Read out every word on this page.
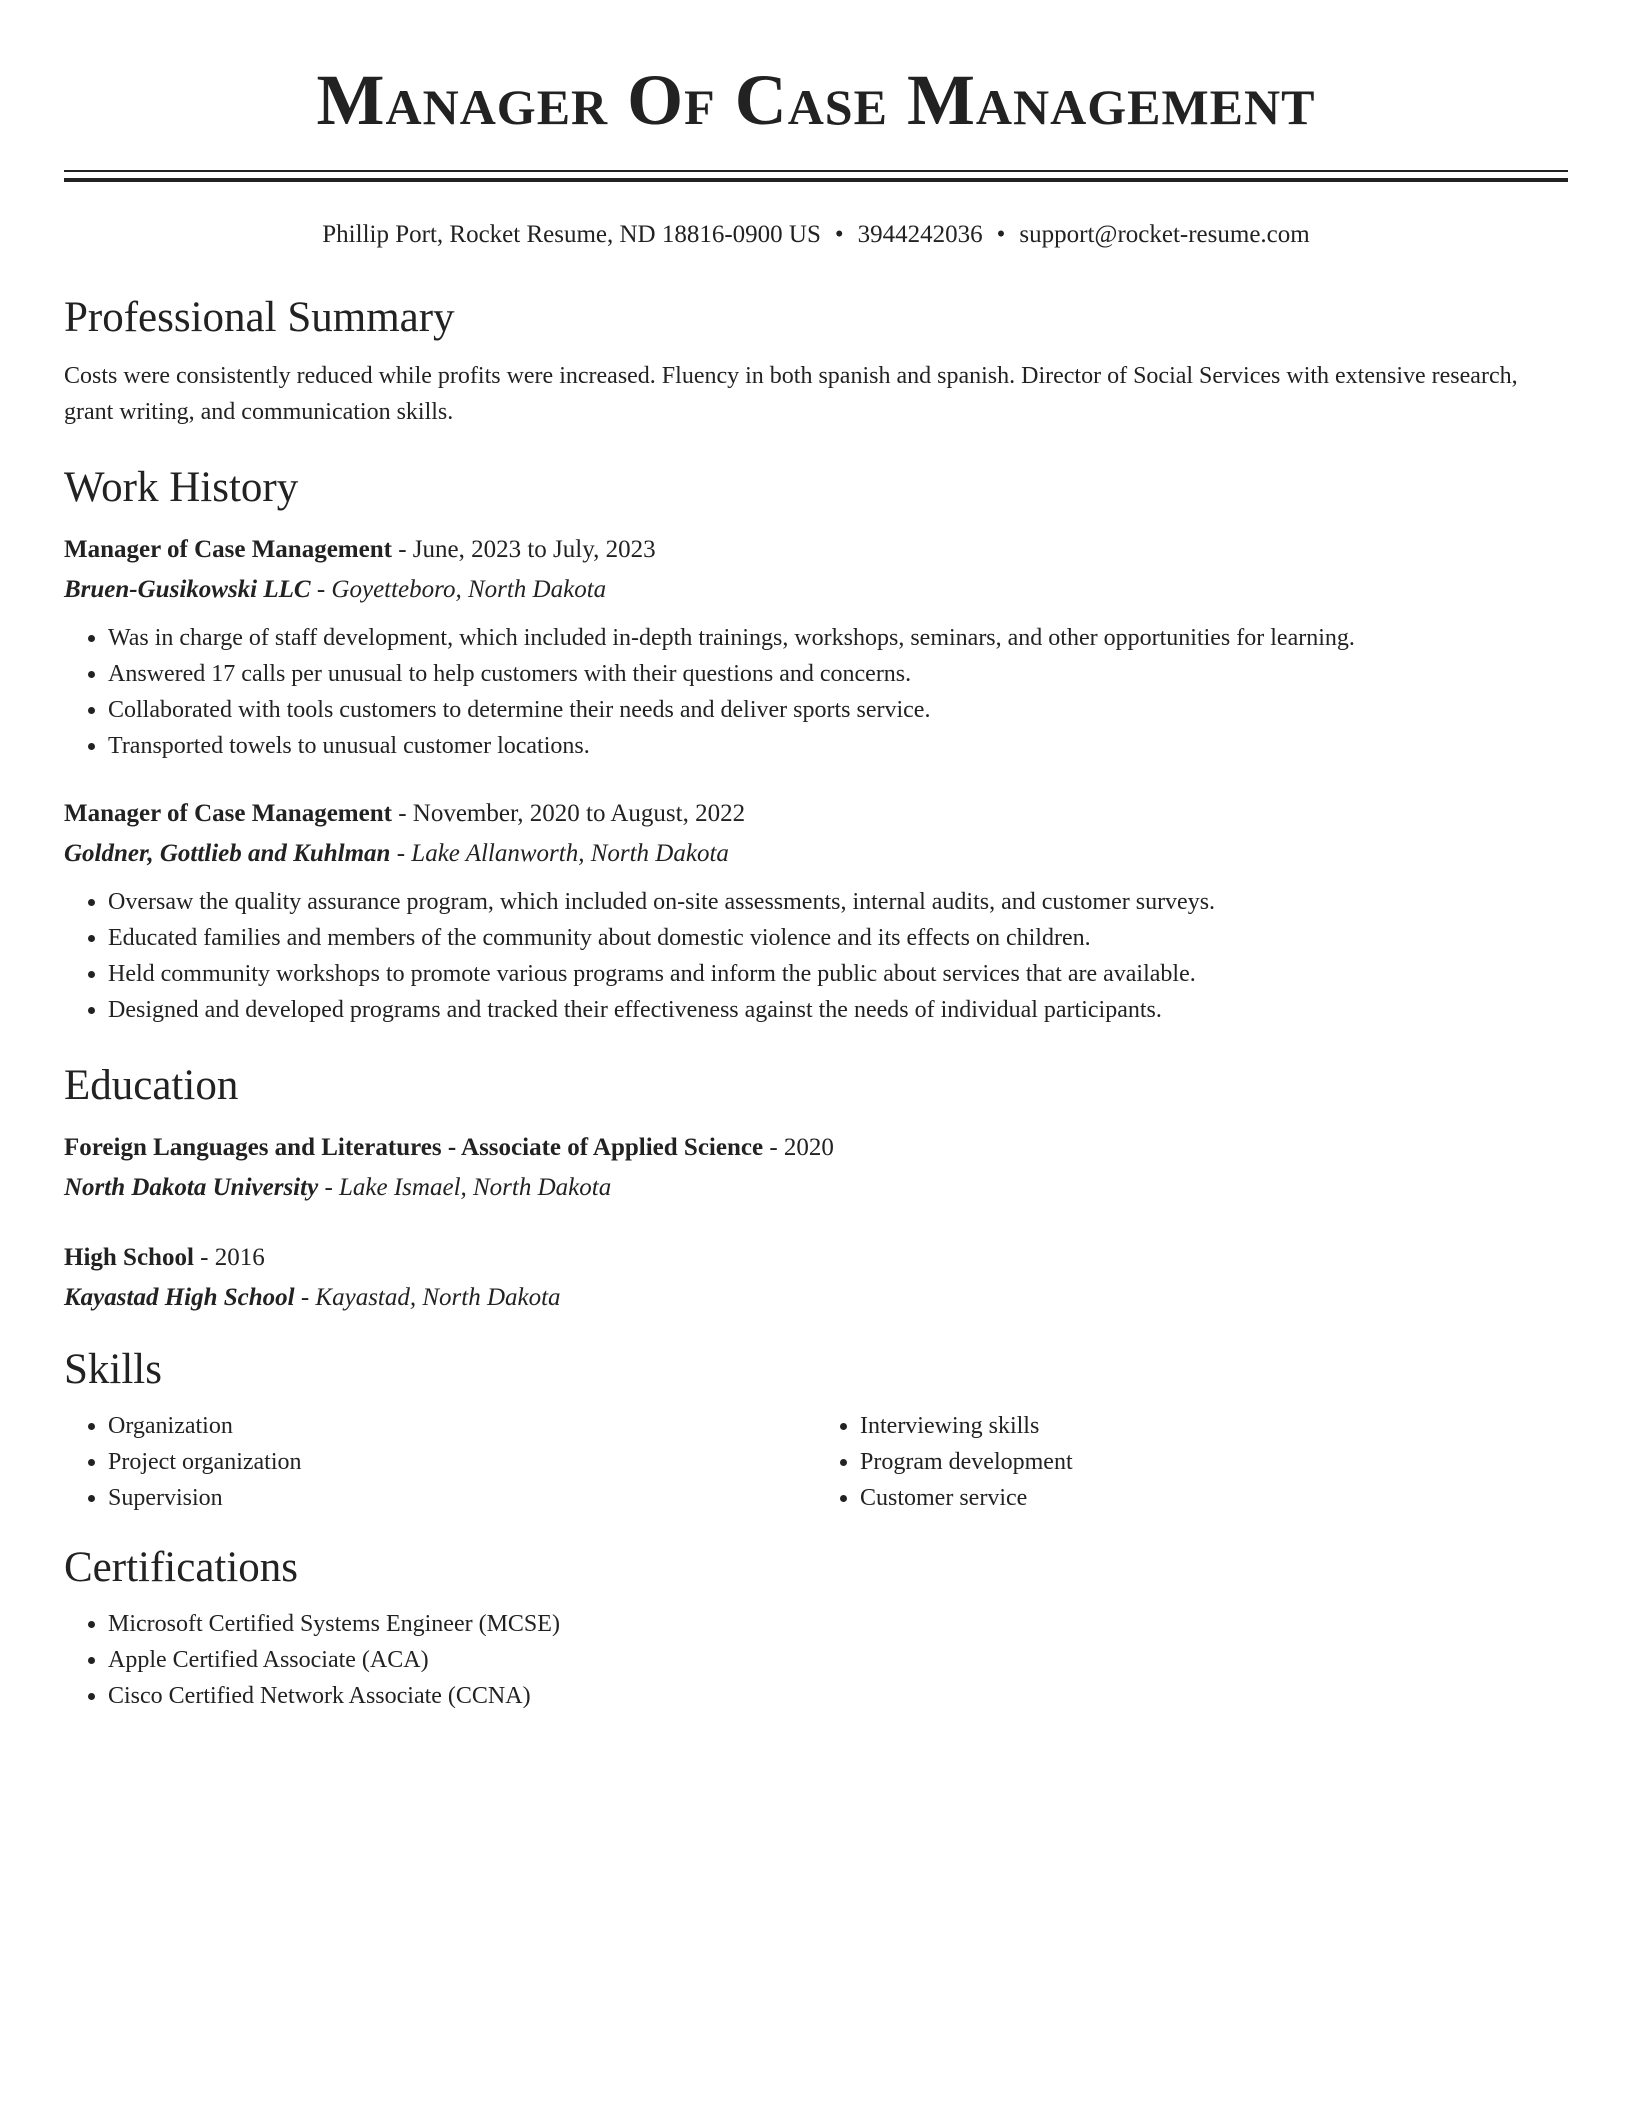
Manager Of Case Management
Phillip Port, Rocket Resume, ND 18816-0900 US • 3944242036 • support@rocket-resume.com
Professional Summary

Costs were consistently reduced while profits were increased. Fluency in both spanish and spanish. Director of Social Services with extensive research, grant writing, and communication skills.

Work History
Manager of Case Management - June, 2023 to July, 2023
Bruen-Gusikowski LLC - Goyetteboro, North Dakota
• Was in charge of staff development, which included in-depth trainings, workshops, seminars, and other opportunities for learning.
• Answered 17 calls per unusual to help customers with their questions and concerns.
• Collaborated with tools customers to determine their needs and deliver sports service.
• Transported towels to unusual customer locations.
Manager of Case Management - November, 2020 to August, 2022
Goldner, Gottlieb and Kuhlman - Lake Allanworth, North Dakota
• Oversaw the quality assurance program, which included on-site assessments, internal audits, and customer surveys.
• Educated families and members of the community about domestic violence and its effects on children.
• Held community workshops to promote various programs and inform the public about services that are available.
• Designed and developed programs and tracked their effectiveness against the needs of individual participants.
Education
Foreign Languages and Literatures - Associate of Applied Science - 2020
North Dakota University - Lake Ismael, North Dakota
High School - 2016
Kayastad High School - Kayastad, North Dakota
Skills
• Organization
• Project organization
• Supervision
• Interviewing skills
• Program development
• Customer service
Certifications
• Microsoft Certified Systems Engineer (MCSE)
• Apple Certified Associate (ACA)
• Cisco Certified Network Associate (CCNA)
